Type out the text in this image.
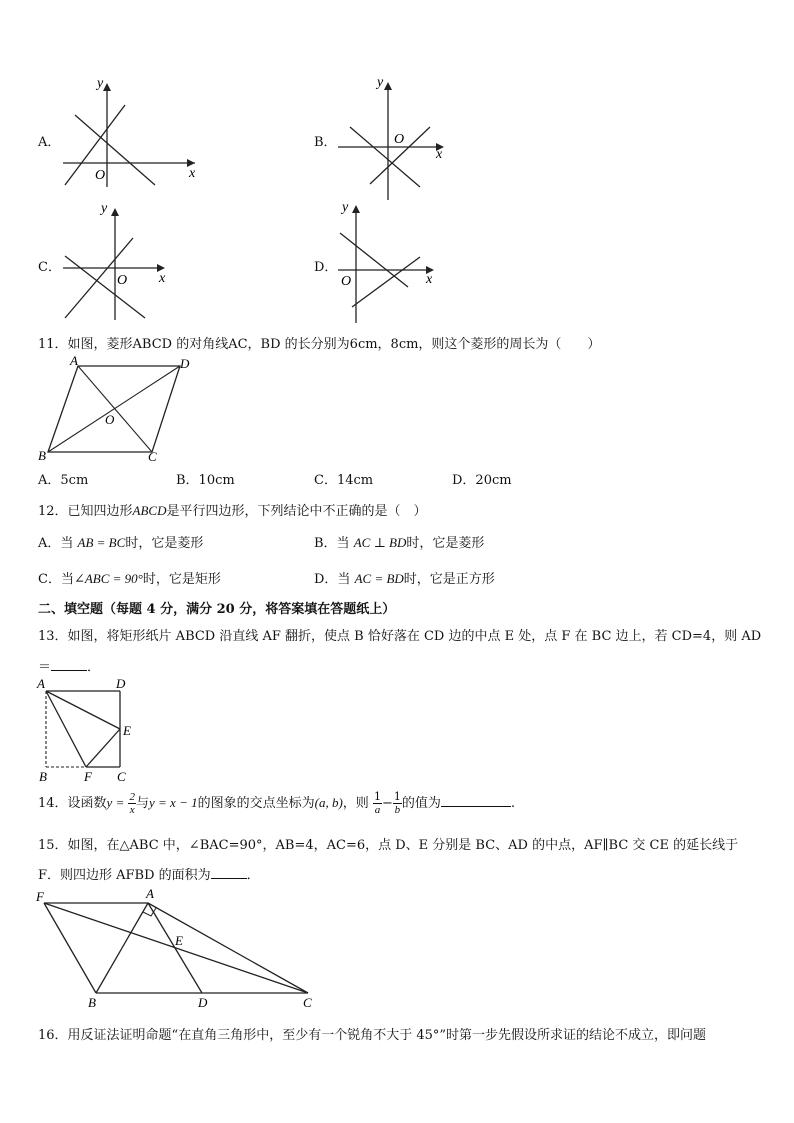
A．
y
x
O
B．
y
x
O
C．
y
x
O
D．
y
x
O
11．如图，菱形ABCD 的对角线AC，BD 的长分别为6cm，8cm，则这个菱形的周长为（　　）
A	D
B	C
O
A．5cm	B．10cm	C．14cm	D．20cm
12．已知四边形ABCD是平行四边形，下列结论中不正确的是（　）
A．当 AB = BC时，它是菱形	B．当 AC ⊥ BD时，它是菱形
C．当∠ABC = 90°时，它是矩形	D．当 AC = BD时，它是正方形
二、填空题（每题 4 分，满分 20 分，将答案填在答题纸上）
13．如图，将矩形纸片 ABCD 沿直线 AF 翻折，使点 B 恰好落在 CD 边的中点 E 处，点 F 在 BC 边上，若 CD=4，则 AD
＝	．
A	D
E
B	F C
14．设函数$y = \frac{2}{x}$ 与y = x − 1的图象的交点坐标为(a, b)，则 $\frac{1}{a} - \frac{1}{b}$ 的值为	.
15．如图，在△ABC 中，∠BAC=90°，AB=4，AC=6，点 D、E 分别是 BC、AD 的中点，AF∥BC 交 CE 的延长线于
F．则四边形 AFBD 的面积为	．
F	A
E
B	D	C
16．用反证法证明命题“在直角三角形中，至少有一个锐角不大于 45°”时第一步先假设所求证的结论不成立，即问题
